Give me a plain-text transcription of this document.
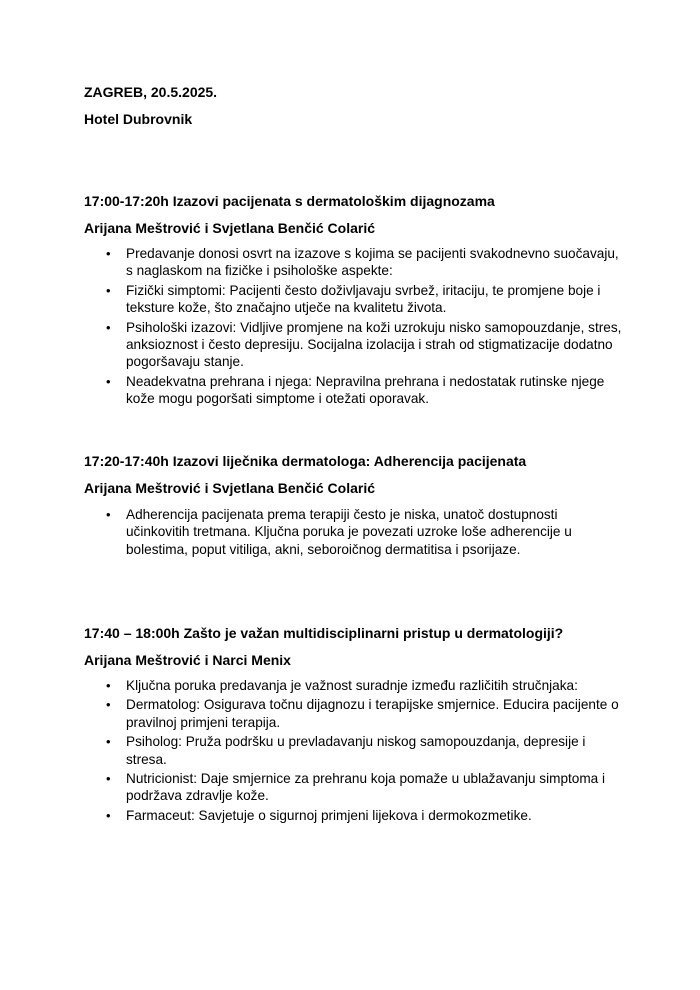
ZAGREB, 20.5.2025.
Hotel Dubrovnik
17:00-17:20h Izazovi pacijenata s dermatološkim dijagnozama
Arijana Meštrović i Svjetlana Benčić Colarić
• Predavanje donosi osvrt na izazove s kojima se pacijenti svakodnevno suočavaju, s naglaskom na fizičke i psihološke aspekte:
• Fizički simptomi: Pacijenti često doživljavaju svrbež, iritaciju, te promjene boje i teksture kože, što značajno utječe na kvalitetu života.
• Psihološki izazovi: Vidljive promjene na koži uzrokuju nisko samopouzdanje, stres, anksioznost i često depresiju. Socijalna izolacija i strah od stigmatizacije dodatno pogoršavaju stanje.
• Neadekvatna prehrana i njega: Nepravilna prehrana i nedostatak rutinske njege kože mogu pogoršati simptome i otežati oporavak.
17:20-17:40h Izazovi liječnika dermatologa: Adherencija pacijenata
Arijana Meštrović i Svjetlana Benčić Colarić
• Adherencija pacijenata prema terapiji često je niska, unatoč dostupnosti učinkovitih tretmana. Ključna poruka je povezati uzroke loše adherencije u bolestima, poput vitiliga, akni, seboroičnog dermatitisa i psorijaze.
17:40 – 18:00h Zašto je važan multidisciplinarni pristup u dermatologiji?
Arijana Meštrović i Narci Menix
• Ključna poruka predavanja je važnost suradnje između različitih stručnjaka:
• Dermatolog: Osigurava točnu dijagnozu i terapijske smjernice. Educira pacijente o pravilnoj primjeni terapija.
• Psiholog: Pruža podršku u prevladavanju niskog samopouzdanja, depresije i stresa.
• Nutricionist: Daje smjernice za prehranu koja pomaže u ublažavanju simptoma i podržava zdravlje kože.
• Farmaceut: Savjetuje o sigurnoj primjeni lijekova i dermokozmetike.
